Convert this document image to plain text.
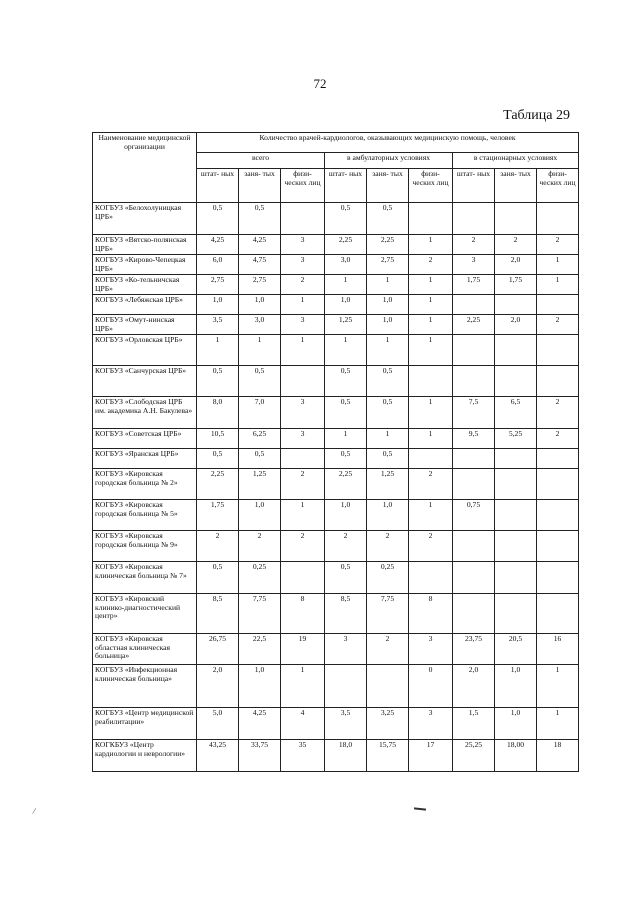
72
Таблица 29
Наименование медицинской организации	Количество врачей-кардиологов, оказывающих медицинскую помощь, человек								
	всего			в амбулаторных условиях			в стационарных условиях		
	штат- ных	заня- тых	физи- ческих лиц	штат- ных	заня- тых	физи- ческих лиц	штат- ных	заня- тых	физи- ческих лиц
КОГБУЗ «Белохолуницкая ЦРБ»	0,5	0,5		0,5	0,5				
КОГБУЗ «Вятско-полянская ЦРБ»	4,25	4,25	3	2,25	2,25	1	2	2	2
КОГБУЗ «Кирово-Чепецкая ЦРБ»	6,0	4,75	3	3,0	2,75	2	3	2,0	1
КОГБУЗ «Ко-тельничская ЦРБ»	2,75	2,75	2	1	1	1	1,75	1,75	1
КОГБУЗ «Лебяжская ЦРБ»	1,0	1,0	1	1,0	1,0	1			
КОГБУЗ «Омут-нинская ЦРБ»	3,5	3,0	3	1,25	1,0	1	2,25	2,0	2
КОГБУЗ «Орловская ЦРБ»	1	1	1	1	1	1			
КОГБУЗ «Санчурская ЦРБ»	0,5	0,5		0,5	0,5				
КОГБУЗ «Слободская ЦРБ им. академика А.Н. Бакулева»	8,0	7,0	3	0,5	0,5	1	7,5	6,5	2
КОГБУЗ «Советская ЦРБ»	10,5	6,25	3	1	1	1	9,5	5,25	2
КОГБУЗ «Яранская ЦРБ»	0,5	0,5		0,5	0,5				
КОГБУЗ «Кировская городская больница № 2»	2,25	1,25	2	2,25	1,25	2			
КОГБУЗ «Кировская городская больница № 5»	1,75	1,0	1	1,0	1,0	1	0,75		
КОГБУЗ «Кировская городская больница № 9»	2	2	2	2	2	2			
КОГБУЗ «Кировская клиническая больница № 7»	0,5	0,25		0,5	0,25				
КОГБУЗ «Кировский клинико-диагностический центр»	8,5	7,75	8	8,5	7,75	8			
КОГБУЗ «Кировская областная клиническая больница»	26,75	22,5	19	3	2	3	23,75	20,5	16
КОГБУЗ «Инфекционная клиническая больница»	2,0	1,0	1			0	2,0	1,0	1
КОГБУЗ «Центр медицинской реабилитации»	5,0	4,25	4	3,5	3,25	3	1,5	1,0	1
КОГКБУЗ «Центр кардиологии и неврологии»	43,25	33,75	35	18,0	15,75	17	25,25	18,00	18
/
